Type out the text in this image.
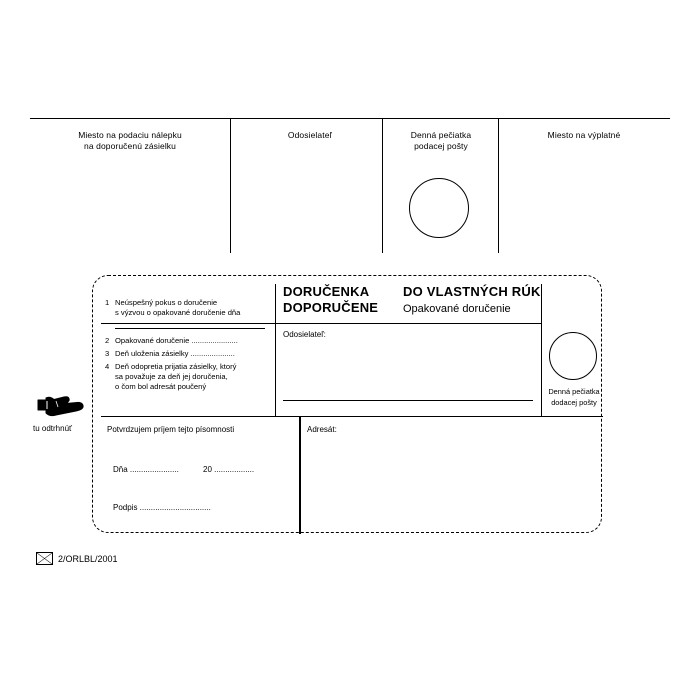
Miesto na podaciu nálepku
na doporučenú zásielku
Odosielateľ	Denná pečiatka
podacej pošty
Miesto na výplatné
DORUČENKA
DOPORUČENE
DO VLASTNÝCH RÚK
Opakované doručenie
1 Neúspešný pokus o doručenie
s výzvou o opakované doručenie dňa
2 Opakované doručenie ......................
3 Deň uloženia zásielky .....................
4 Deň odopretia prijatia zásielky, ktorý
sa považuje za deň jej doručenia,
o čom bol adresát poučený
Odosielateľ:
Denná pečiatka
dodacej pošty
Potvrdzujem príjem tejto písomnosti
Dňa ......................	20 ..................
Podpis ................................
Adresát:
tu odtrhnúť
2/ORLBL/2001
